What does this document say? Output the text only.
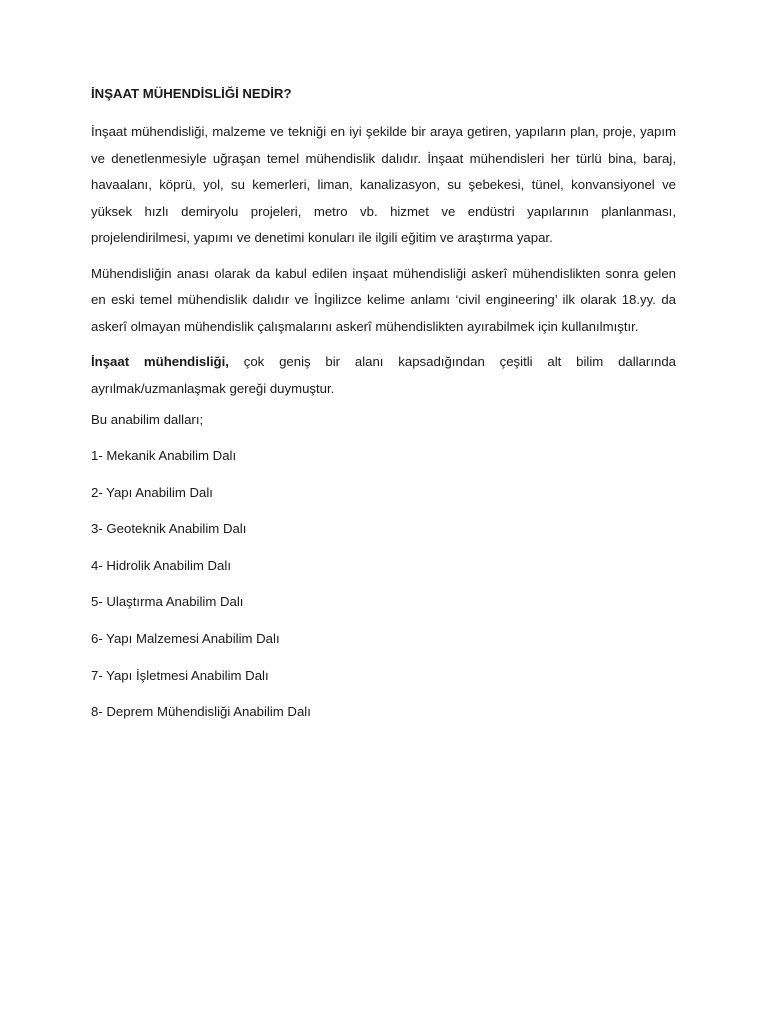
İNŞAAT MÜHENDİSLİĞİ NEDİR?

İnşaat mühendisliği, malzeme ve tekniği en iyi şekilde bir araya getiren, yapıların plan, proje, yapım ve denetlenmesiyle uğraşan temel mühendislik dalıdır. İnşaat mühendisleri her türlü bina, baraj, havaalanı, köprü, yol, su kemerleri, liman, kanalizasyon, su şebekesi, tünel, konvansiyonel ve yüksek hızlı demiryolu projeleri, metro vb. hizmet ve endüstri yapılarının planlanması, projelendirilmesi, yapımı ve denetimi konuları ile ilgili eğitim ve araştırma yapar.

Mühendisliğin anası olarak da kabul edilen inşaat mühendisliği askerî mühendislikten sonra gelen en eski temel mühendislik dalıdır ve İngilizce kelime anlamı ‘civil engineering’ ilk olarak 18.yy. da askerî olmayan mühendislik çalışmalarını askerî mühendislikten ayırabilmek için kullanılmıştır.

İnşaat mühendisliği, çok geniş bir alanı kapsadığından çeşitli alt bilim dallarında ayrılmak/uzmanlaşmak gereği duymuştur.

Bu anabilim dalları;

1- Mekanik Anabilim Dalı
2- Yapı Anabilim Dalı
3- Geoteknik Anabilim Dalı
4- Hidrolik Anabilim Dalı
5- Ulaştırma Anabilim Dalı
6- Yapı Malzemesi Anabilim Dalı
7- Yapı İşletmesi Anabilim Dalı
8- Deprem Mühendisliği Anabilim Dalı
